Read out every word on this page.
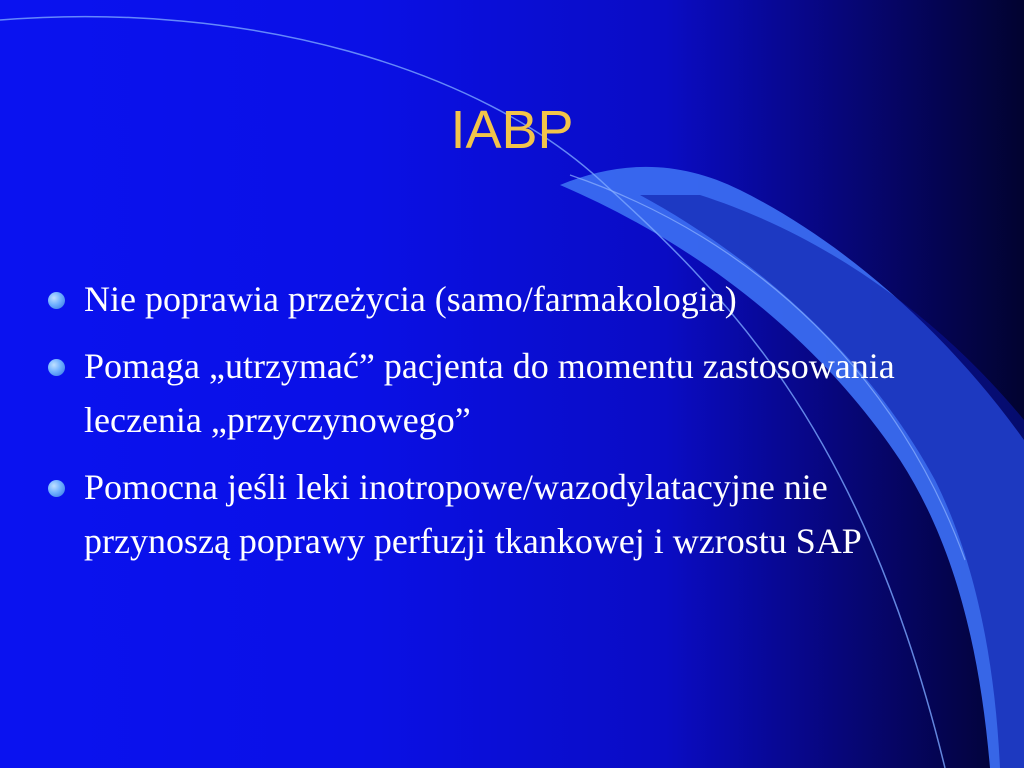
IABP
Nie poprawia przeżycia (samo/farmakologia)
Pomaga „utrzymać” pacjenta do momentu zastosowania leczenia „przyczynowego”
Pomocna jeśli leki inotropowe/wazodylatacyjne nie przynoszą poprawy perfuzji tkankowej i wzrostu SAP
